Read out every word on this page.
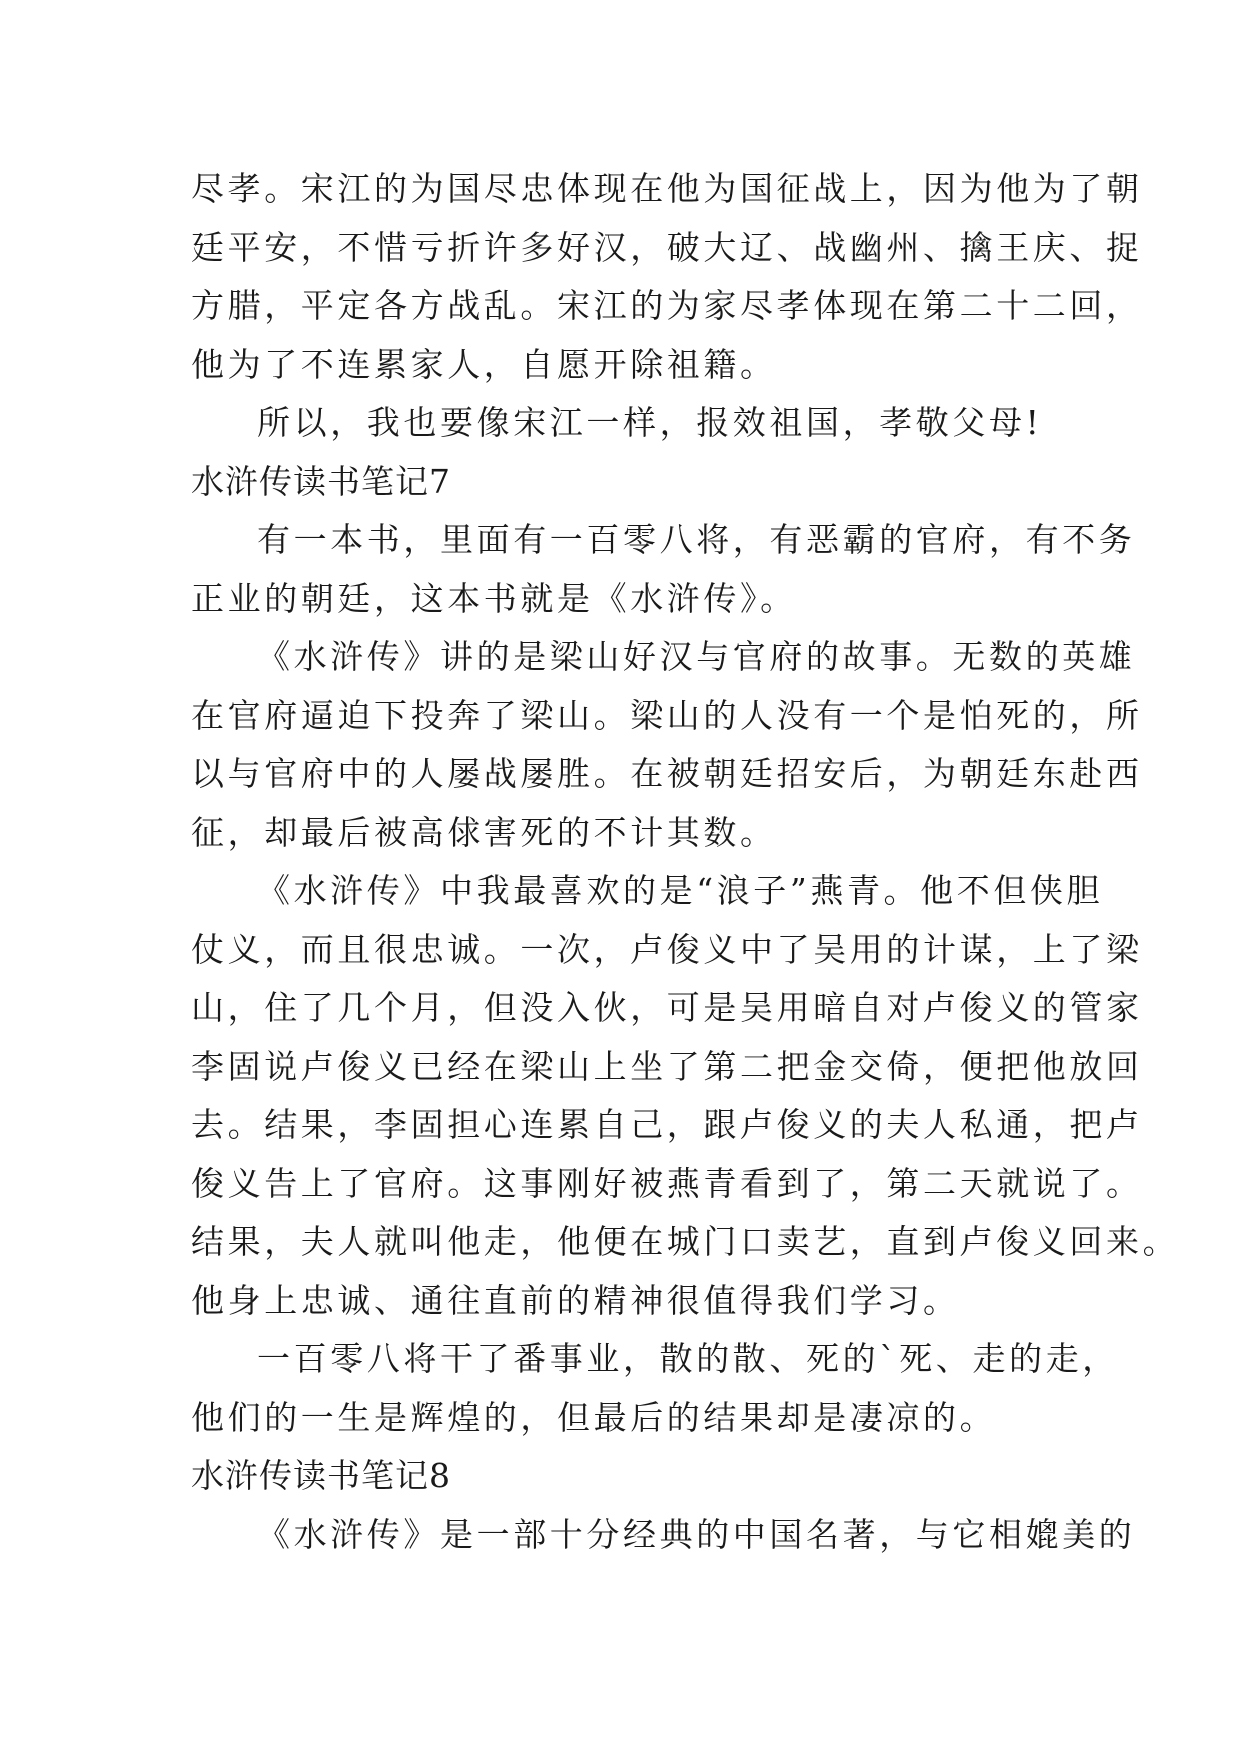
尽孝。宋江的为国尽忠体现在他为国征战上，因为他为了朝
廷平安，不惜亏折许多好汉，破大辽、战幽州、擒王庆、捉
方腊，平定各方战乱。宋江的为家尽孝体现在第二十二回，
他为了不连累家人，自愿开除祖籍。
所以，我也要像宋江一样，报效祖国，孝敬父母!
水浒传读书笔记7
有一本书，里面有一百零八将，有恶霸的官府，有不务
正业的朝廷，这本书就是《水浒传》。
《水浒传》讲的是梁山好汉与官府的故事。无数的英雄
在官府逼迫下投奔了梁山。梁山的人没有一个是怕死的，所
以与官府中的人屡战屡胜。在被朝廷招安后，为朝廷东赴西
征，却最后被高俅害死的不计其数。
《水浒传》中我最喜欢的是“浪子”燕青。他不但侠胆
仗义，而且很忠诚。一次，卢俊义中了吴用的计谋，上了梁
山，住了几个月，但没入伙，可是吴用暗自对卢俊义的管家
李固说卢俊义已经在梁山上坐了第二把金交倚，便把他放回
去。结果，李固担心连累自己，跟卢俊义的夫人私通，把卢
俊义告上了官府。这事刚好被燕青看到了，第二天就说了。
结果，夫人就叫他走，他便在城门口卖艺，直到卢俊义回来。
他身上忠诚、通往直前的精神很值得我们学习。
一百零八将干了番事业，散的散、死的`死、走的走，
他们的一生是辉煌的，但最后的结果却是凄凉的。
水浒传读书笔记8
《水浒传》是一部十分经典的中国名著，与它相媲美的
